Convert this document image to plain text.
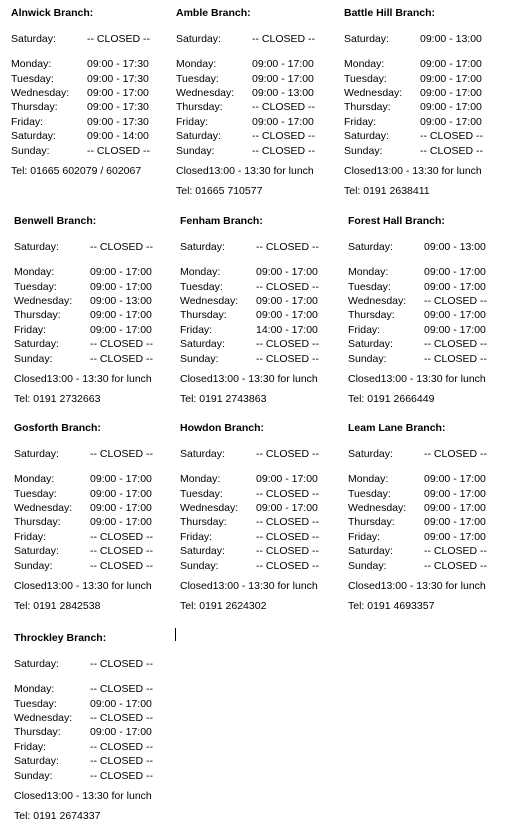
Alnwick Branch:
Saturday:	-- CLOSED --
Monday:	09:00 - 17:30
Tuesday:	09:00 - 17:30
Wednesday: 09:00 - 17:00
Thursday:	09:00 - 17:30
Friday:	09:00 - 17:30
Saturday:	09:00 - 14:00
Sunday:	-- CLOSED --
Tel: 01665 602079 / 602067
Amble Branch:
Saturday:	-- CLOSED --
Monday:	09:00 - 17:00
Tuesday:	09:00 - 17:00
Wednesday: 09:00 - 13:00
Thursday:	-- CLOSED --
Friday:	09:00 - 17:00
Saturday:	-- CLOSED --
Sunday:	-- CLOSED --
Closed13:00 - 13:30 for lunch
Tel: 01665 710577
Battle Hill Branch:
Saturday:	09:00 - 13:00
Monday:	09:00 - 17:00
Tuesday:	09:00 - 17:00
Wednesday: 09:00 - 17:00
Thursday:	09:00 - 17:00
Friday:	09:00 - 17:00
Saturday:	-- CLOSED --
Sunday:	-- CLOSED --
Closed13:00 - 13:30 for lunch
Tel: 0191 2638411
Benwell Branch:
Saturday:	-- CLOSED --
Monday:	09:00 - 17:00
Tuesday:	09:00 - 17:00
Wednesday: 09:00 - 13:00
Thursday:	09:00 - 17:00
Friday:	09:00 - 17:00
Saturday:	-- CLOSED --
Sunday:	-- CLOSED --
Closed13:00 - 13:30 for lunch
Tel: 0191 2732663
Fenham Branch:
Saturday:	-- CLOSED --
Monday:	09:00 - 17:00
Tuesday:	-- CLOSED --
Wednesday: 09:00 - 17:00
Thursday:	09:00 - 17:00
Friday:	14:00 - 17:00
Saturday:	-- CLOSED --
Sunday:	-- CLOSED --
Closed13:00 - 13:30 for lunch
Tel: 0191 2743863
Forest Hall Branch:
Saturday:	09:00 - 13:00
Monday:	09:00 - 17:00
Tuesday:	09:00 - 17:00
Wednesday: -- CLOSED --
Thursday:	09:00 - 17:00
Friday:	09:00 - 17:00
Saturday:	-- CLOSED --
Sunday:	-- CLOSED --
Closed13:00 - 13:30 for lunch
Tel: 0191 2666449
Gosforth Branch:
Saturday:	-- CLOSED --
Monday:	09:00 - 17:00
Tuesday:	09:00 - 17:00
Wednesday: 09:00 - 17:00
Thursday:	09:00 - 17:00
Friday:	-- CLOSED --
Saturday:	-- CLOSED --
Sunday:	-- CLOSED --
Closed13:00 - 13:30 for lunch
Tel: 0191 2842538
Howdon Branch:
Saturday:	-- CLOSED --
Monday:	09:00 - 17:00
Tuesday:	-- CLOSED --
Wednesday: 09:00 - 17:00
Thursday:	-- CLOSED --
Friday:	-- CLOSED --
Saturday:	-- CLOSED --
Sunday:	-- CLOSED --
Closed13:00 - 13:30 for lunch
Tel: 0191 2624302
Leam Lane Branch:
Saturday:	-- CLOSED --
Monday:	09:00 - 17:00
Tuesday:	09:00 - 17:00
Wednesday: 09:00 - 17:00
Thursday:	09:00 - 17:00
Friday:	09:00 - 17:00
Saturday:	-- CLOSED --
Sunday:	-- CLOSED --
Closed13:00 - 13:30 for lunch
Tel: 0191 4693357
Throckley Branch:
Saturday:	-- CLOSED --
Monday:	-- CLOSED --
Tuesday:	09:00 - 17:00
Wednesday: -- CLOSED --
Thursday:	09:00 - 17:00
Friday:	-- CLOSED --
Saturday:	-- CLOSED --
Sunday:	-- CLOSED --
Closed13:00 - 13:30 for lunch
Tel: 0191 2674337
